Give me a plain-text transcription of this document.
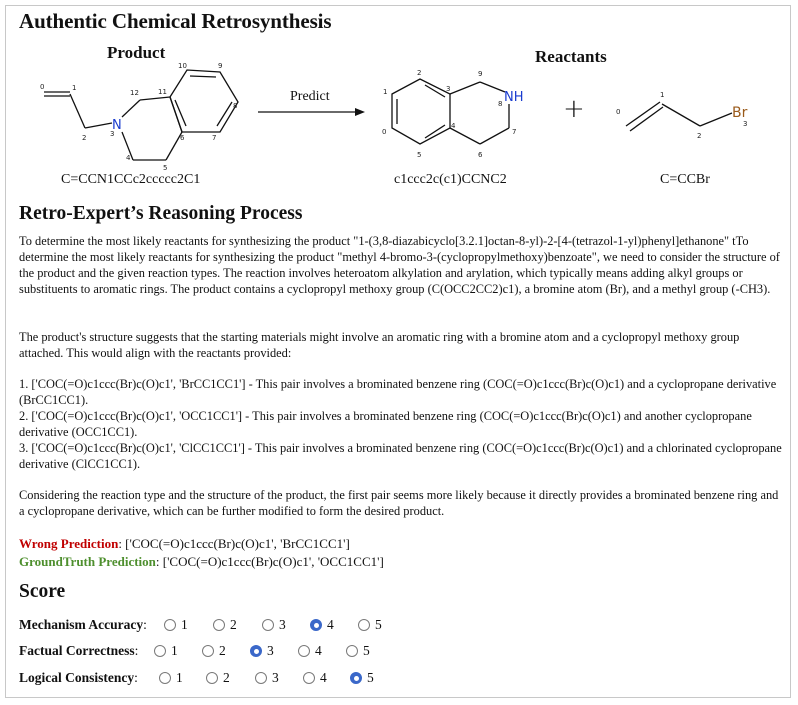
Authentic Chemical Retrosynthesis
Product
N
0	1
2	3
4
5
6	7
8
9
10
11
12
C=CCN1CCc2ccccc2C1
Predict
Reactants
NH
0
1
2
3
4
5	6
7
8
9
+	Br
0
1
2
3
c1ccc2c(c1)CCNC2	C=CCBr
Retro-Expert’s Reasoning Process

To determine the most likely reactants for synthesizing the product "1-(3,8-diazabicyclo[3.2.1]octan-8-yl)-2-[4-(tetrazol-1-yl)phenyl]ethanone" tTo determine the most likely reactants for synthesizing the product "methyl 4-bromo-3-(cyclopropylmethoxy)benzoate", we need to consider the structure of the product and the given reaction types. The reaction involves heteroatom alkylation and arylation, which typically means adding alkyl groups or substituents to aromatic rings. The product contains a cyclopropyl methoxy group (C(OCC2CC2)c1), a bromine atom (Br), and a methyl group (-CH3).

The product's structure suggests that the starting materials might involve an aromatic ring with a bromine atom and a cyclopropyl methoxy group attached. This would align with the reactants provided:

1. ['COC(=O)c1ccc(Br)c(O)c1', 'BrCC1CC1'] - This pair involves a brominated benzene ring (COC(=O)c1ccc(Br)c(O)c1) and a cyclopropane derivative (BrCC1CC1).

2. ['COC(=O)c1ccc(Br)c(O)c1', 'OCC1CC1'] - This pair involves a brominated benzene ring (COC(=O)c1ccc(Br)c(O)c1) and another cyclopropane derivative (OCC1CC1).

3. ['COC(=O)c1ccc(Br)c(O)c1', 'ClCC1CC1'] - This pair involves a brominated benzene ring (COC(=O)c1ccc(Br)c(O)c1) and a chlorinated cyclopropane derivative (ClCC1CC1).

Considering the reaction type and the structure of the product, the first pair seems more likely because it directly provides a brominated benzene ring and a cyclopropane derivative, which can be further modified to form the desired product.

Wrong Prediction: ['COC(=O)c1ccc(Br)c(O)c1', 'BrCC1CC1']
GroundTruth Prediction: ['COC(=O)c1ccc(Br)c(O)c1', 'OCC1CC1']
Score
Mechanism Accuracy :	1	2	3	4	5
Factual Correctness : 1	2	3	4	5
Logical Consistency :	1	2	3	4	5
